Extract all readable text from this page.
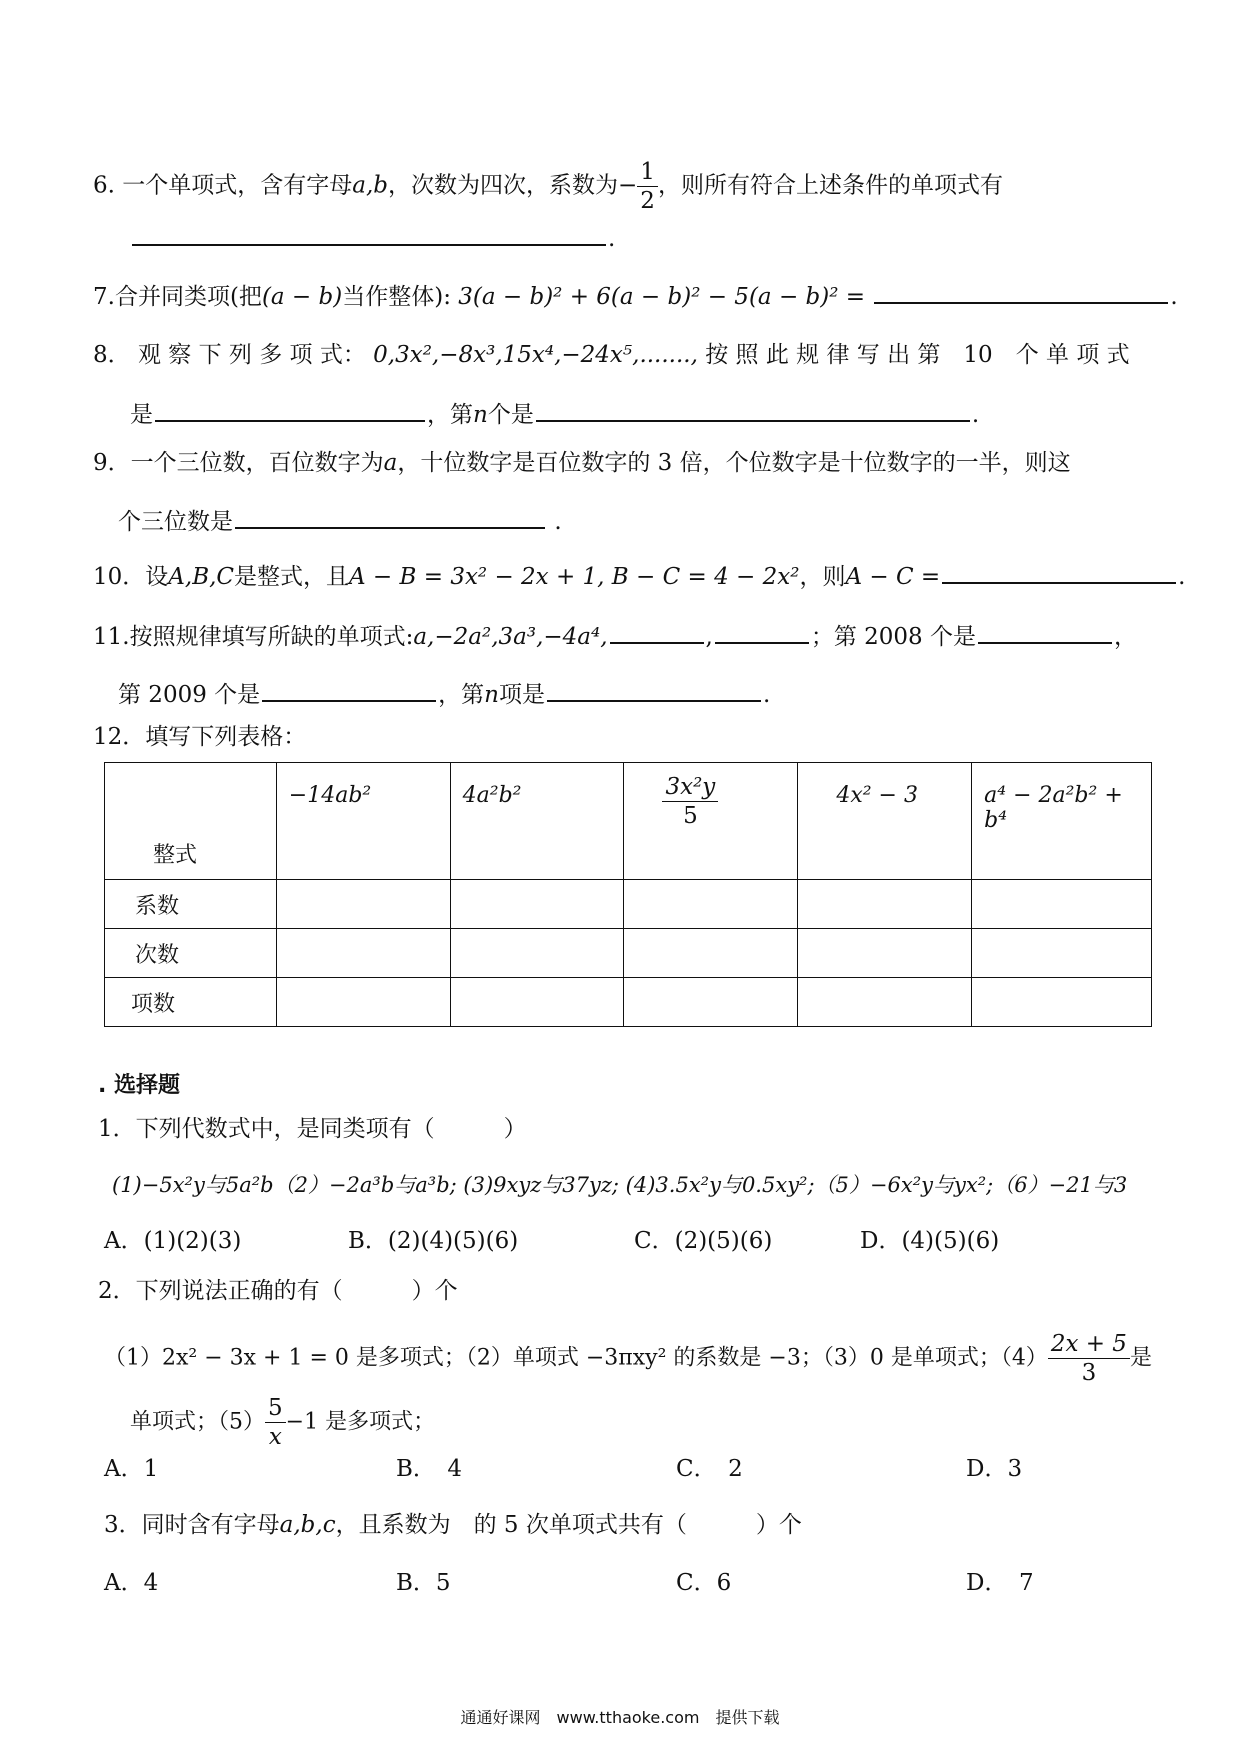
6. 一个单项式，含有字母a,b，次数为四次，系数为− $\frac{1}{2}$ ，则所有符合上述条件的单项式有
.
7.合并同类项(把(a − b)当作整体): 3(a − b)² + 6(a − b)² − 5(a − b)² =	.
8． 观 察 下 列 多 项 式： 0,3x²,−8x³,15x⁴,−24x⁵,......., 按 照 此 规 律 写 出 第　10　个 单 项 式
是	，第n个是	.
9．一个三位数，百位数字为a，十位数字是百位数字的 3 倍，个位数字是十位数字的一半，则这
个三位数是	.
10．设A,B,C是整式，且A − B = 3x² − 2x + 1, B − C = 4 − 2x²，则A − C =	.
11.按照规律填写所缺的单项式:a,−2a²,3a³,−4a⁴,	,	；第 2008 个是	，
第 2009 个是	，第n项是	.
12．填写下列表格：
整式	−14ab²	4a²b²	$\frac{\text{3x²y}}{5}$	4x² − 3	a⁴ − 2a²b² + b⁴
系数					
次数					
项数					
. 选择题
1．下列代数式中，是同类项有（　　　）
(1)−5x²y与5a²b（2）−2a³b与a³b; (3)9xyz与37yz; (4)3.5x²y与0.5xy²;（5）−6x²y与yx²;（6）−21与3
A．(1)(2)(3)	B．(2)(4)(5)(6)	C．(2)(5)(6)	D．(4)(5)(6)
2．下列说法正确的有（　　　）个
（1）2x² − 3x + 1 = 0 是多项式；（2）单项式 −3πxy² 的系数是 −3；（3）0 是单项式；$(4) \frac{2x + 5}{3}$ 是
单项式；$(5) \frac{5}{x} -1$ 是多项式；
A．1	B．　4	C．　2	D．3
3．同时含有字母a,b,c，且系数为　的 5 次单项式共有（　　　）个
A．4	B．5	C．6	D．　7
通通好课网　www.tthaoke.com　提供下载
